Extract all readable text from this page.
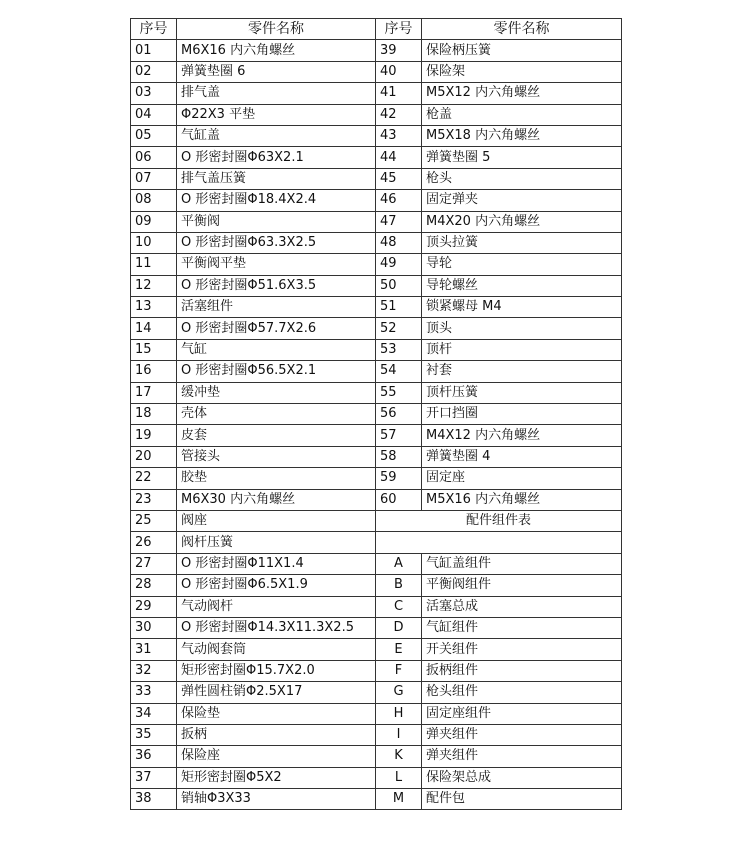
序号	零件名称	序号	零件名称
01	M6X16 内六角螺丝	39	保险柄压簧
02	弹簧垫圈 6	40	保险架
03	排气盖	41	M5X12 内六角螺丝
04	Φ22X3 平垫	42	枪盖
05	气缸盖	43	M5X18 内六角螺丝
06	O 形密封圈Φ63X2.1	44	弹簧垫圈 5
07	排气盖压簧	45	枪头
08	O 形密封圈Φ18.4X2.4	46	固定弹夹
09	平衡阀	47	M4X20 内六角螺丝
10	O 形密封圈Φ63.3X2.5	48	顶头拉簧
11	平衡阀平垫	49	导轮
12	O 形密封圈Φ51.6X3.5	50	导轮螺丝
13	活塞组件	51	锁紧螺母 M4
14	O 形密封圈Φ57.7X2.6	52	顶头
15	气缸	53	顶杆
16	O 形密封圈Φ56.5X2.1	54	衬套
17	缓冲垫	55	顶杆压簧
18	壳体	56	开口挡圈
19	皮套	57	M4X12 内六角螺丝
20	管接头	58	弹簧垫圈 4
22	胶垫	59	固定座
23	M6X30 内六角螺丝	60	M5X16 内六角螺丝
25	阀座	配件组件表	
26	阀杆压簧		
27	O 形密封圈Φ11X1.4	A	气缸盖组件
28	O 形密封圈Φ6.5X1.9	B	平衡阀组件
29	气动阀杆	C	活塞总成
30	O 形密封圈Φ14.3X11.3X2.5	D	气缸组件
31	气动阀套筒	E	开关组件
32	矩形密封圈Φ15.7X2.0	F	扳柄组件
33	弹性圆柱销Φ2.5X17	G	枪头组件
34	保险垫	H	固定座组件
35	扳柄	I	弹夹组件
36	保险座	K	弹夹组件
37	矩形密封圈Φ5X2	L	保险架总成
38	销轴Φ3X33	M	配件包
